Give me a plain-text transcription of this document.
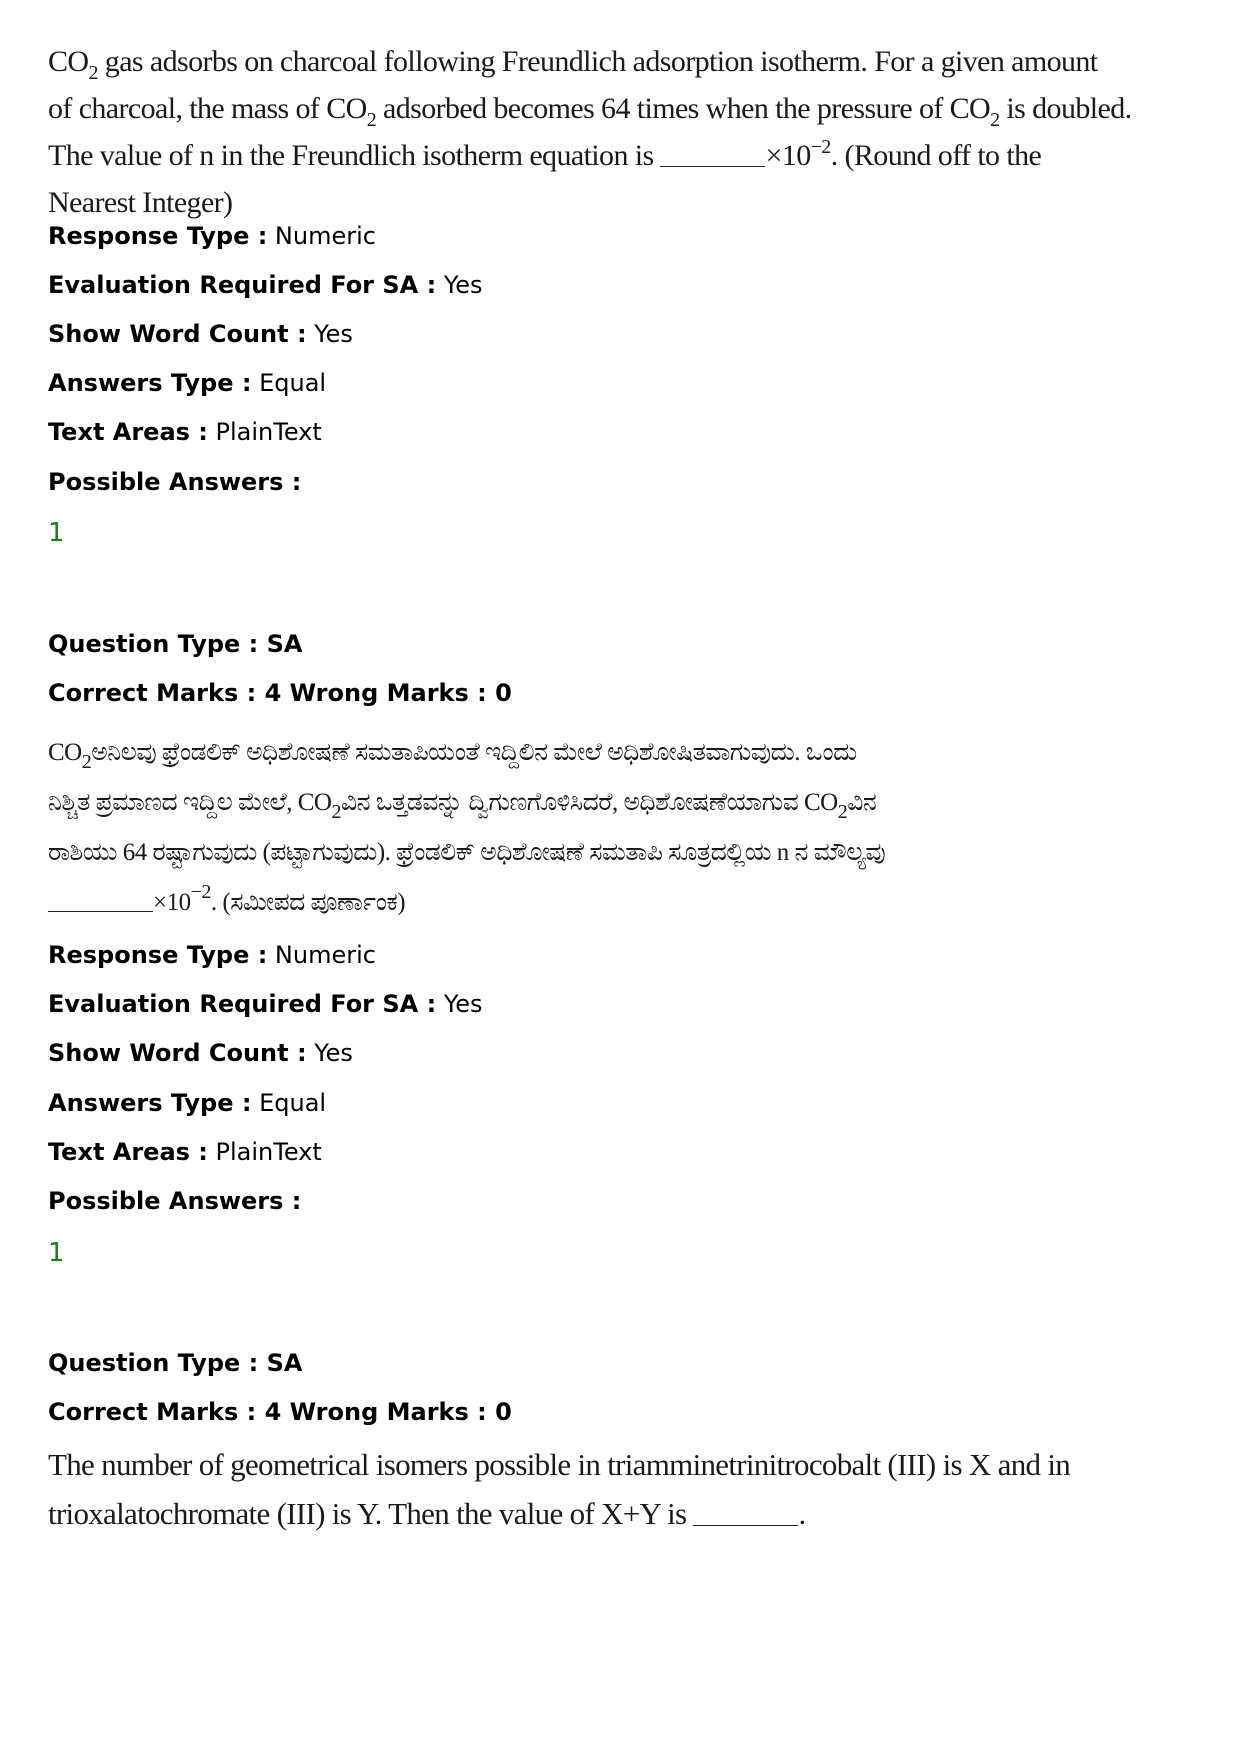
$CO_2$ gas adsorbs on charcoal following Freundlich adsorption isotherm. For a given amount
of charcoal, the mass of $CO_2$ adsorbed becomes 64 times when the pressure of $CO_2$ is doubled.
The value of n in the Freundlich isotherm equation is	$\times 10^{-2}$. (Round off to the
Nearest Integer)
Response Type : Numeric
Evaluation Required For SA : Yes
Show Word Count : Yes
Answers Type : Equal
Text Areas : PlainText
Possible Answers :
1
Question Type : SA
Correct Marks : 4 Wrong Marks : 0
$CO_2ಅನಿಲವು$ ಫ್ರೆಂಡಲಿಕ್ ಅಧಿಶೋಷಣೆ ಸಮತಾಪಿಯಂತೆ ಇದ್ದಿಲಿನ ಮೇಲೆ ಅಧಿಶೋಷಿತವಾಗುವುದು. ಒಂದು
ನಿಶ್ಚಿತ ಪ್ರಮಾಣದ ಇದ್ದಿಲ ಮೇಲೆ, $CO_2ವಿನ$ ಒತ್ತಡವನ್ನು ದ್ವಿಗುಣಗೊಳಿಸಿದರೆ, ಅಧಿಶೋಷಣೆಯಾಗುವ $CO_2ವಿನ$
ರಾಶಿಯು 64 ರಷ್ಟಾಗುವುದು (ಪಟ್ಟಾಗುವುದು). ಫ್ರೆಂಡಲಿಕ್ ಅಧಿಶೋಷಣೆ ಸಮತಾಪಿ ಸೂತ್ರದಲ್ಲಿಯ n ನ ಮೌಲ್ಯವು
$\times 10^{-2}$. (ಸಮೀಪದ ಪೂರ್ಣಾಂಕ)
Response Type : Numeric
Evaluation Required For SA : Yes
Show Word Count : Yes
Answers Type : Equal
Text Areas : PlainText
Possible Answers :
1
Question Type : SA
Correct Marks : 4 Wrong Marks : 0
The number of geometrical isomers possible in triamminetrinitrocobalt (III) is X and in
trioxalatochromate (III) is Y. Then the value of X+Y is	.
